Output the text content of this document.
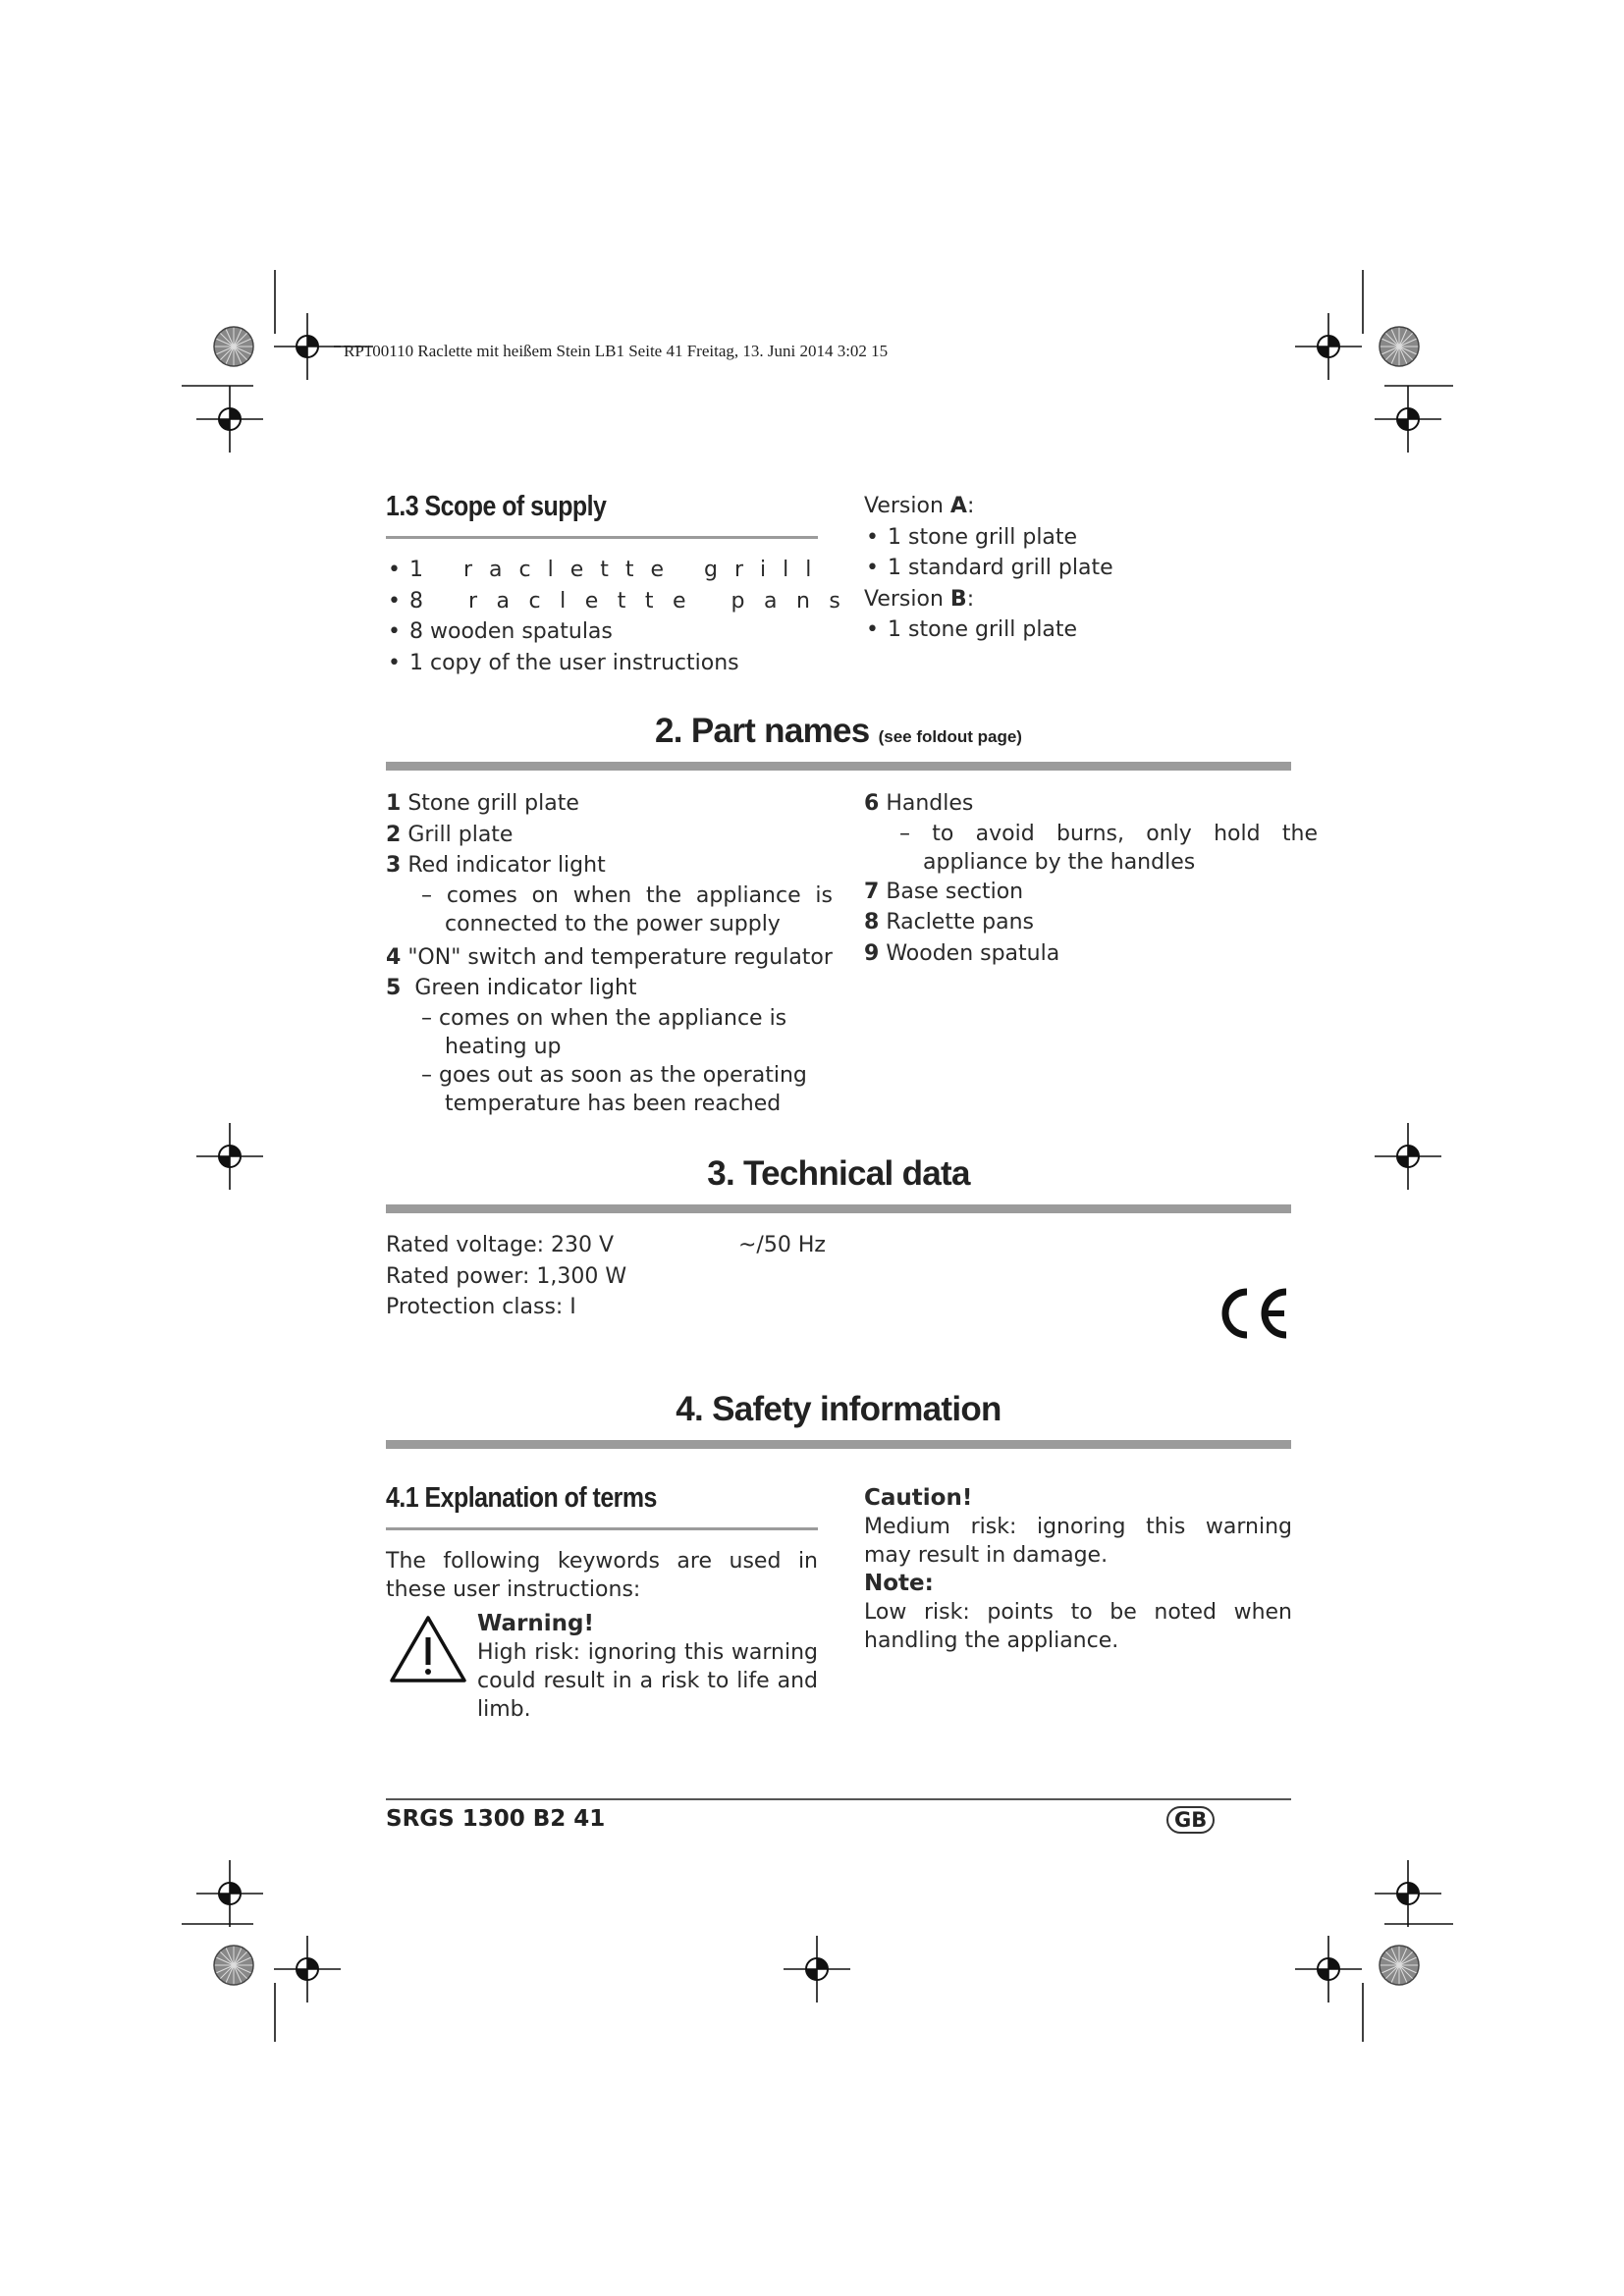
RP100110 Raclette mit heißem Stein LB1 Seite 41 Freitag, 13. Juni 2014 3:02 15
1.3 Scope of supply
• 1 raclette grill
• 8 raclette pans
• 8 wooden spatulas
• 1 copy of the user instructions
Version A:
• 1 stone grill plate
• 1 standard grill plate
Version B:
• 1 stone grill plate
2. Part names (see foldout page)
1 Stone grill plate
2 Grill plate
3 Red indicator light
– comes on when the appliance is connected to the power supply
4 "ON" switch and temperature regulator
5 Green indicator light
– comes on when the appliance is heating up
– goes out as soon as the operating temperature has been reached
6 Handles
– to avoid burns, only hold the appliance by the handles
7 Base section
8 Raclette pans
9 Wooden spatula
3. Technical data
Rated voltage: 230 V
Rated power: 1,300 W
Protection class: I
~/50 Hz
4. Safety information
4.1 Explanation of terms
The following keywords are used in these user instructions:
Warning!
High risk: ignoring this warning could result in a risk to life and limb.
Caution!
Medium risk: ignoring this warning may result in damage.
Note:
Low risk: points to be noted when handling the appliance.
SRGS 1300 B2 41	GB
